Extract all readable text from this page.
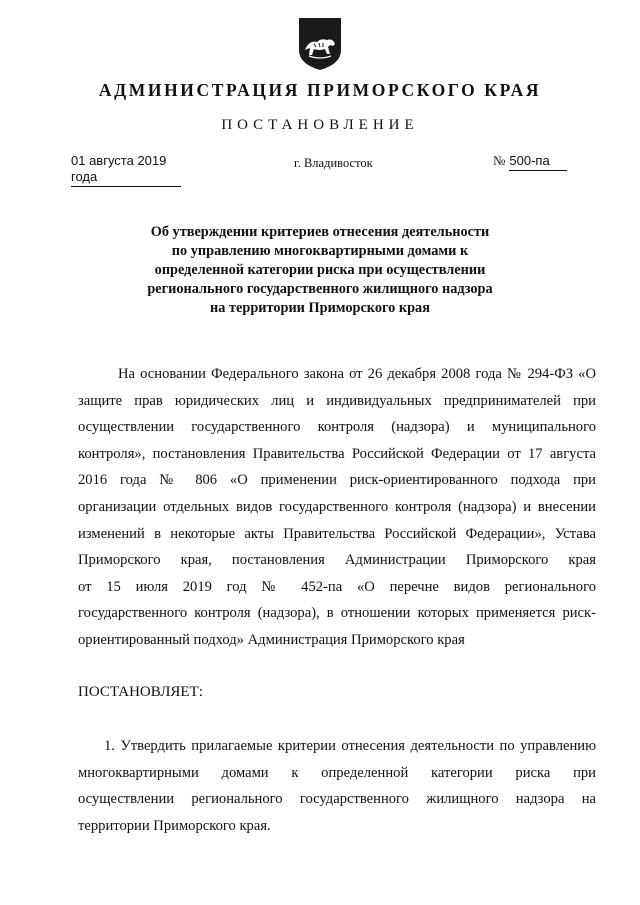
АДМИНИСТРАЦИЯ ПРИМОРСКОГО КРАЯ
ПОСТАНОВЛЕНИЕ
01 августа 2019 года
г. Владивосток	№ 500-па
Об утверждении критериев отнесения деятельности
по управлению многоквартирными домами к
определенной категории риска при осуществлении
регионального государственного жилищного надзора
на территории Приморского края
На основании Федерального закона от 26 декабря 2008 года № 294-ФЗ «О
защите прав юридических лиц и индивидуальных предпринимателей при
осуществлении государственного контроля (надзора) и муниципального
контроля», постановления Правительства Российской Федерации от 17 августа
2016 года № 806 «О применении риск-ориентированного подхода при
организации отдельных видов государственного контроля (надзора) и внесении
изменений в некоторые акты Правительства Российской Федерации», Устава
Приморского края, постановления Администрации Приморского края
от 15 июля 2019 год № 452-па «О перечне видов регионального
государственного контроля (надзора), в отношении которых применяется риск-
ориентированный подход» Администрация Приморского края
ПОСТАНОВЛЯЕТ:
1. Утвердить прилагаемые критерии отнесения деятельности по управлению
многоквартирными домами к определенной категории риска при
осуществлении регионального государственного жилищного надзора на
территории Приморского края.
